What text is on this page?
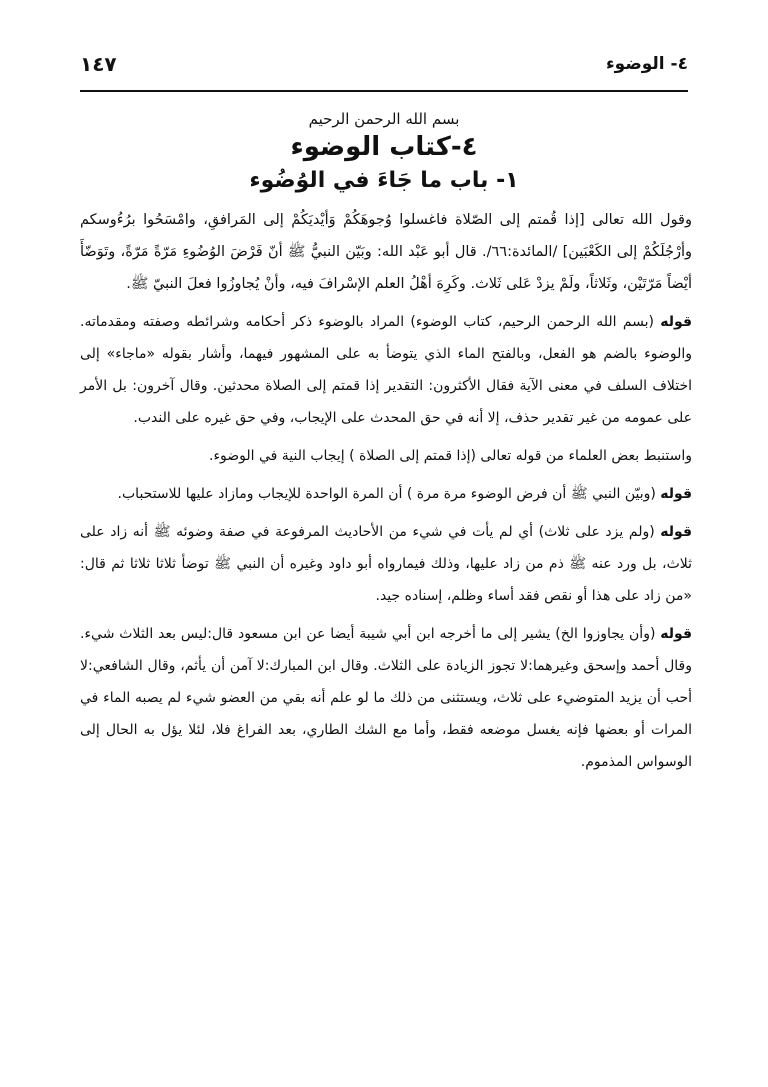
٤- الوضوء
١٤٧
بسم الله الرحمن الرحيم
٤-كتاب الوضوء
١- باب ما جَاءَ في الوُضُوء

وقول الله تعالى [إذا قُمتم إلى الصّلاة فاغسلوا وُجوهَكُمْ وَأيْديَكُمْ إلى المَرافقِ، وامْسَحُوا برُءُوسكم وأرْجُلَكُمْ إلى الكَعْبَين] /المائدة:٦٦/. قال أبو عَبْد الله: وبَيّن النبيُّ ﷺ أنّ فَرْضَ الوُضُوءِ مَرّةً مَرّةً، وتَوَضّأَ أيْضاً مَرّتَيْن، وثَلاثاً، ولَمْ يزدْ عَلى ثَلاث. وكَرِهَ أهْلُ العلم الإسْرافَ فيه، وأنْ يُجاوزُوا فعلَ النبيّ ﷺ.

قوله (بسم الله الرحمن الرحيم، كتاب الوضوء) المراد بالوضوء ذكر أحكامه وشرائطه وصفته ومقدماته. والوضوء بالضم هو الفعل، وبالفتح الماء الذي يتوضأ به على المشهور فيهما، وأشار بقوله «ماجاء» إلى اختلاف السلف في معنى الآية فقال الأكثرون: التقدير إذا قمتم إلى الصلاة محدثين. وقال آخرون: بل الأمر على عمومه من غير تقدير حذف، إلا أنه في حق المحدث على الإيجاب، وفي حق غيره على الندب.

واستنبط بعض العلماء من قوله تعالى (إذا قمتم إلى الصلاة ) إيجاب النية في الوضوء.

قوله (وبيّن النبي ﷺ أن فرض الوضوء مرة مرة ) أن المرة الواحدة للإيجاب ومازاد عليها للاستحباب.

قوله (ولم يزد على ثلاث) أي لم يأت في شيء من الأحاديث المرفوعة في صفة وضوئه ﷺ أنه زاد على ثلاث، بل ورد عنه ﷺ ذم من زاد عليها، وذلك فيمارواه أبو داود وغيره أن النبي ﷺ توضأ ثلاثا ثلاثا ثم قال: «من زاد على هذا أو نقص فقد أساء وظلم، إسناده جيد.

قوله (وأن يجاوزوا الخ) يشير إلى ما أخرجه ابن أبي شيبة أيضا عن ابن مسعود قال:ليس بعد الثلاث شيء. وقال أحمد وإسحق وغيرهما:لا تجوز الزيادة على الثلاث. وقال ابن المبارك:لا آمن أن يأثم، وقال الشافعي:لا أحب أن يزيد المتوضيء على ثلاث، ويستثنى من ذلك ما لو علم أنه بقي من العضو شيء لم يصبه الماء في المرات أو بعضها فإنه يغسل موضعه فقط، وأما مع الشك الطاري، بعد الفراغ فلا، لئلا يؤل به الحال إلى الوسواس المذموم.
